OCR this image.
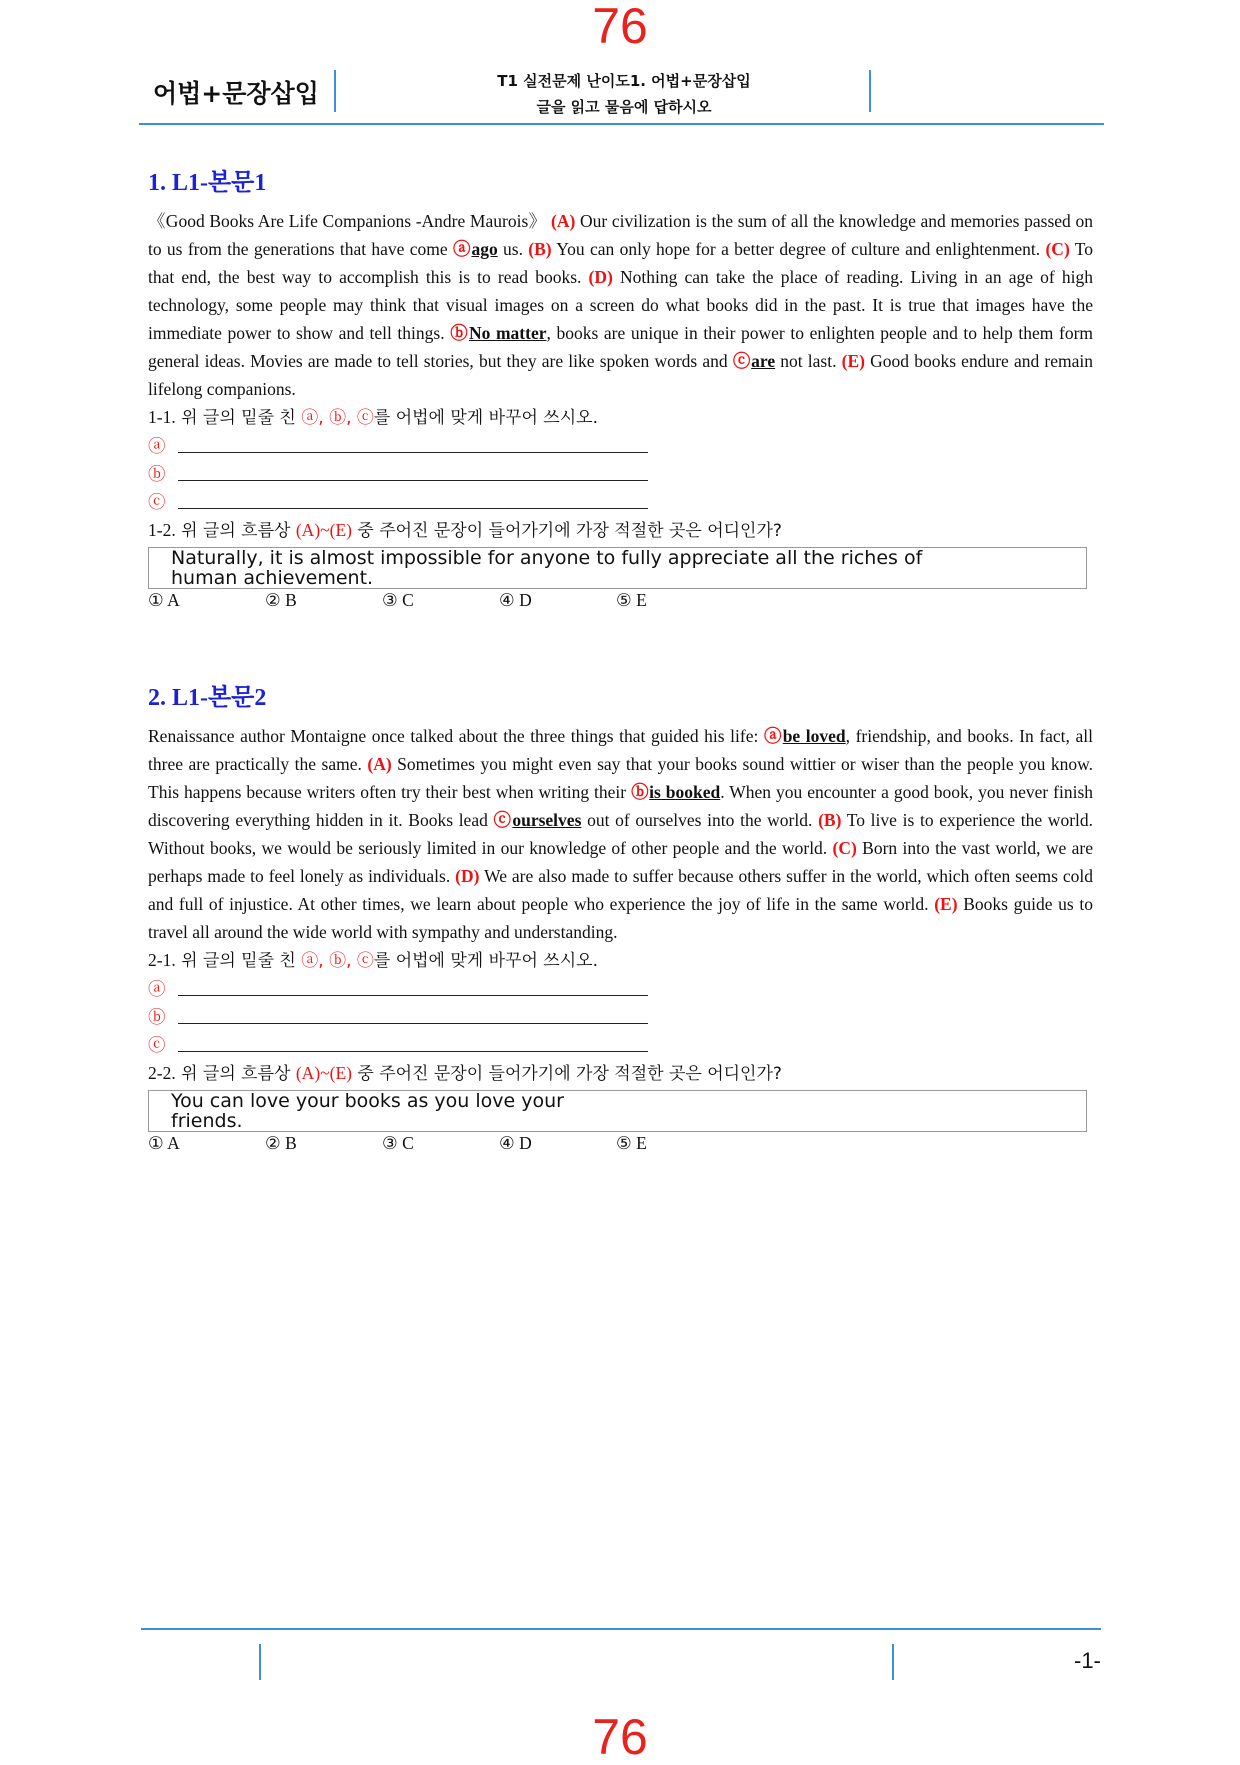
76
어법+문장삽입	T1 실전문제 난이도1. 어법+문장삽입
글을 읽고 물음에 답하시오
1. L1-본문1

《Good Books Are Life Companions -Andre Maurois》 (A) Our civilization is the sum of all the knowledge and memories passed on to us from the generations that have come ⓐago us. (B) You can only hope for a better degree of culture and enlightenment. (C) To that end, the best way to accomplish this is to read books. (D) Nothing can take the place of reading. Living in an age of high technology, some people may think that visual images on a screen do what books did in the past. It is true that images have the immediate power to show and tell things. ⓑNo matter, books are unique in their power to enlighten people and to help them form general ideas. Movies are made to tell stories, but they are like spoken words and ⓒare not last. (E) Good books endure and remain lifelong companions.

1-1. 위 글의 밑줄 친 ⓐ, ⓑ, ⓒ를 어법에 맞게 바꾸어 쓰시오.

ⓐ
ⓑ
ⓒ

1-2. 위 글의 흐름상 (A)~(E) 중 주어진 문장이 들어가기에 가장 적절한 곳은 어디인가?

Naturally, it is almost impossible for anyone to fully appreciate all the riches of
human achievement.
① A	② B	③ C	④ D	⑤ E
2. L1-본문2

Renaissance author Montaigne once talked about the three things that guided his life: ⓐbe loved, friendship, and books. In fact, all three are practically the same. (A) Sometimes you might even say that your books sound wittier or wiser than the people you know. This happens because writers often try their best when writing their ⓑis booked. When you encounter a good book, you never finish discovering everything hidden in it. Books lead ⓒourselves out of ourselves into the world. (B) To live is to experience the world. Without books, we would be seriously limited in our knowledge of other people and the world. (C) Born into the vast world, we are perhaps made to feel lonely as individuals. (D) We are also made to suffer because others suffer in the world, which often seems cold and full of injustice. At other times, we learn about people who experience the joy of life in the same world. (E) Books guide us to travel all around the wide world with sympathy and understanding.

2-1. 위 글의 밑줄 친 ⓐ, ⓑ, ⓒ를 어법에 맞게 바꾸어 쓰시오.

ⓐ
ⓑ
ⓒ

2-2. 위 글의 흐름상 (A)~(E) 중 주어진 문장이 들어가기에 가장 적절한 곳은 어디인가?

You can love your books as you love your
friends.
① A	② B	③ C	④ D	⑤ E
-1-
76
